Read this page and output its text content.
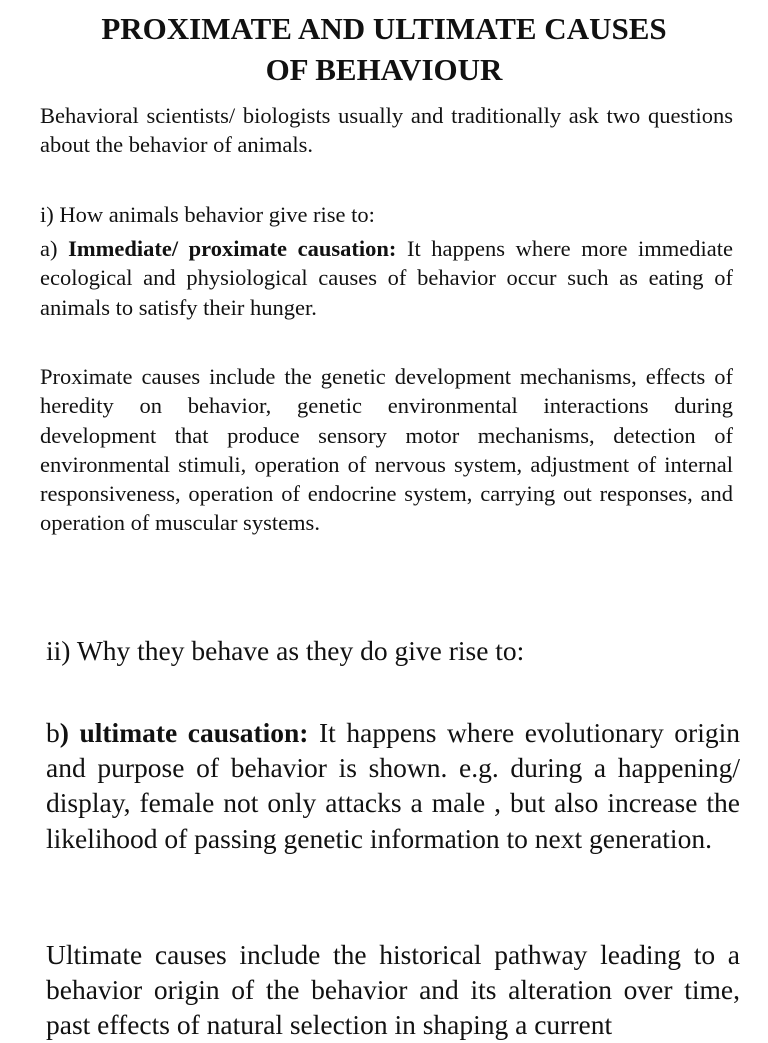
PROXIMATE AND ULTIMATE CAUSES
OF BEHAVIOUR

Behavioral scientists/ biologists usually and traditionally ask two questions about the behavior of animals.

i) How animals behavior give rise to:

a) Immediate/ proximate causation: It happens where more immediate ecological and physiological causes of behavior occur such as eating of animals to satisfy their hunger.

Proximate causes include the genetic development mechanisms, effects of heredity on behavior, genetic environmental interactions during development that produce sensory motor mechanisms, detection of environmental stimuli, operation of nervous system, adjustment of internal responsiveness, operation of endocrine system, carrying out responses, and operation of muscular systems.

ii) Why they behave as they do give rise to:

b) ultimate causation: It happens where evolutionary origin and purpose of behavior is shown. e.g. during a happening/ display, female not only attacks a male , but also increase the likelihood of passing genetic information to next generation.

Ultimate causes include the historical pathway leading to a behavior origin of the behavior and its alteration over time, past effects of natural selection in shaping a current
